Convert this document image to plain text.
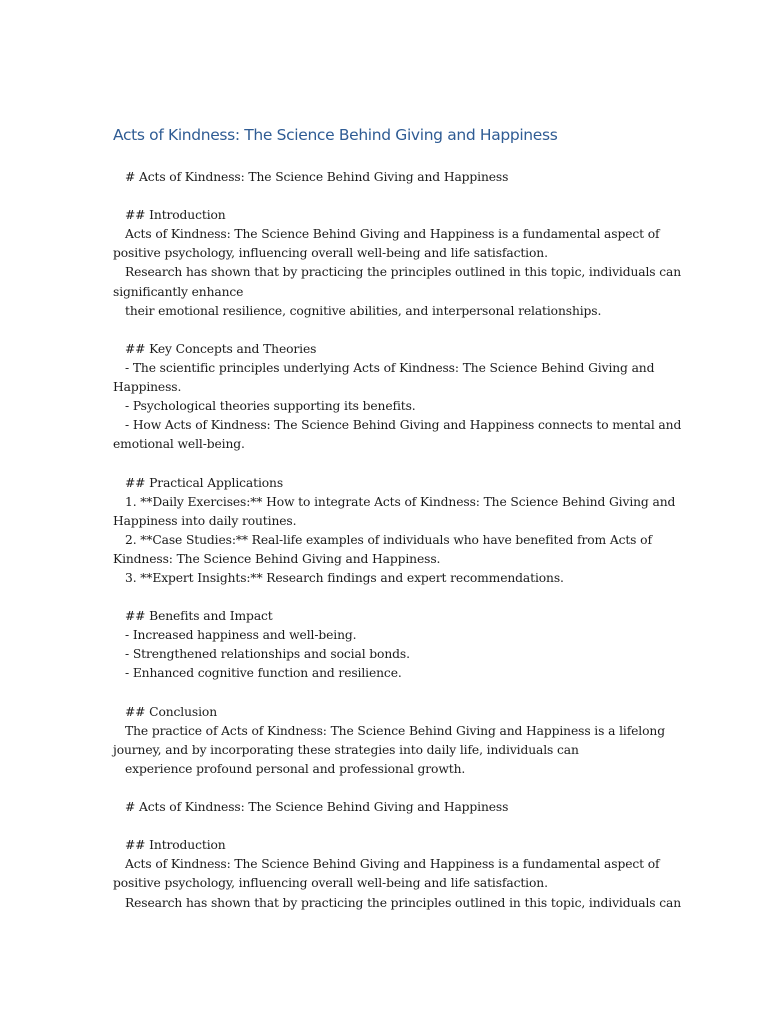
Acts of Kindness: The Science Behind Giving and Happiness
# Acts of Kindness: The Science Behind Giving and Happiness
## Introduction
Acts of Kindness: The Science Behind Giving and Happiness is a fundamental aspect of
positive psychology, influencing overall well-being and life satisfaction.
Research has shown that by practicing the principles outlined in this topic, individuals can
significantly enhance
their emotional resilience, cognitive abilities, and interpersonal relationships.
## Key Concepts and Theories
- The scientific principles underlying Acts of Kindness: The Science Behind Giving and
Happiness.
- Psychological theories supporting its benefits.
- How Acts of Kindness: The Science Behind Giving and Happiness connects to mental and
emotional well-being.
## Practical Applications
1. **Daily Exercises:** How to integrate Acts of Kindness: The Science Behind Giving and
Happiness into daily routines.
2. **Case Studies:** Real-life examples of individuals who have benefited from Acts of
Kindness: The Science Behind Giving and Happiness.
3. **Expert Insights:** Research findings and expert recommendations.
## Benefits and Impact
- Increased happiness and well-being.
- Strengthened relationships and social bonds.
- Enhanced cognitive function and resilience.
## Conclusion
The practice of Acts of Kindness: The Science Behind Giving and Happiness is a lifelong
journey, and by incorporating these strategies into daily life, individuals can
experience profound personal and professional growth.
# Acts of Kindness: The Science Behind Giving and Happiness
## Introduction
Acts of Kindness: The Science Behind Giving and Happiness is a fundamental aspect of
positive psychology, influencing overall well-being and life satisfaction.
Research has shown that by practicing the principles outlined in this topic, individuals can
